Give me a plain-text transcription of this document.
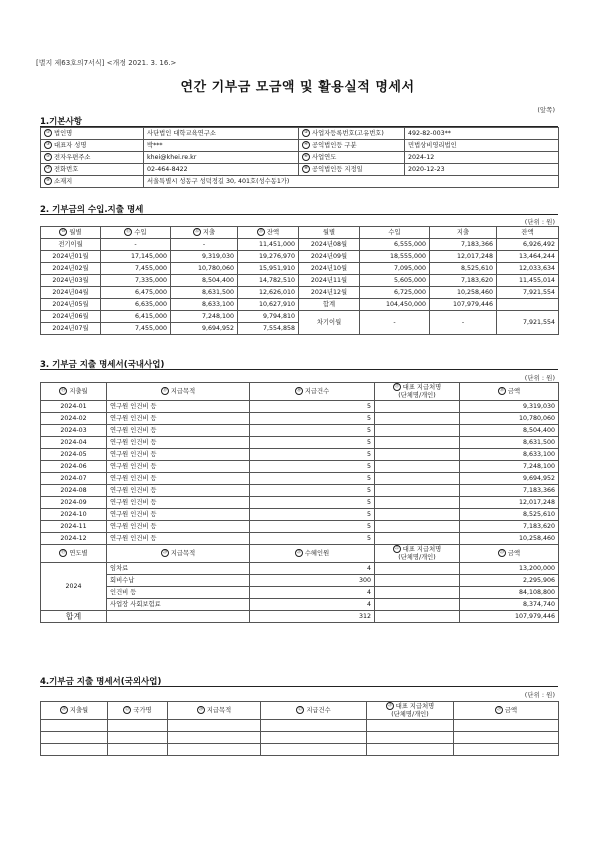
[별지 제63호의7서식] <개정 2021. 3. 16.>
연간 기부금 모금액 및 활용실적 명세서
(앞쪽)
1.기본사항
① 법인명	사단법인 대학교육연구소	② 사업자등록번호(고유번호)	492-82-003**
③ 대표자 성명	박***	④ 공익법인등 구분	민법상비영리법인
⑤ 전자우편주소	khei@khei.re.kr	⑥ 사업연도	2024-12
⑦ 전화번호	02-464-8422	⑧ 공익법인등 지정일	2020-12-23
⑨ 소재지	서울특별시 성동구 성덕정길 30, 401호(성수동1가)		
2. 기부금의 수입.지출 명세
(단위 : 원)
⑩ 월별	⑪ 수입	⑫ 지출	⑬ 잔액	월별	수입	지출	잔액
전기이월	-	-	11,451,000	2024년08월	6,555,000	7,183,366	6,926,492
2024년01월	17,145,000	9,319,030	19,276,970	2024년09월	18,555,000	12,017,248	13,464,244
2024년02월	7,455,000	10,780,060	15,951,910	2024년10월	7,095,000	8,525,610	12,033,634
2024년03월	7,335,000	8,504,400	14,782,510	2024년11월	5,605,000	7,183,620	11,455,014
2024년04월	6,475,000	8,631,500	12,626,010	2024년12월	6,725,000	10,258,460	7,921,554
2024년05월	6,635,000	8,633,100	10,627,910	합계	104,450,000	107,979,446	
2024년06월	6,415,000	7,248,100	9,794,810	차기이월	-	-	7,921,554
2024년07월	7,455,000	9,694,952	7,554,858				
3. 기부금 지출 명세서(국내사업)
(단위 : 원)
⑭ 지출월	⑮ 지급목적	⑯ 지급건수	⑰ 대표 지급처명
(단체명/개인)	⑱ 금액
2024-01	연구원 인건비 등	5		9,319,030
2024-02	연구원 인건비 등	5		10,780,060
2024-03	연구원 인건비 등	5		8,504,400
2024-04	연구원 인건비 등	5		8,631,500
2024-05	연구원 인건비 등	5		8,633,100
2024-06	연구원 인건비 등	5		7,248,100
2024-07	연구원 인건비 등	5		9,694,952
2024-08	연구원 인건비 등	5		7,183,366
2024-09	연구원 인건비 등	5		12,017,248
2024-10	연구원 인건비 등	5		8,525,610
2024-11	연구원 인건비 등	5		7,183,620
2024-12	연구원 인건비 등	5		10,258,460
⑲ 연도별	⑳ 지급목적	㉑ 수혜인원	㉒ 대표 지급처명
(단체명/개인)	㉓ 금액
2024	임차료	4		13,200,000
	회비수납	300		2,295,906
	인건비 등	4		84,108,800
	사업장 사회보험료	4		8,374,740
합계		312		107,979,446
4.기부금 지출 명세서(국외사업)
(단위 : 원)
㉔ 지출월	㉕ 국가명	㉖ 지급목적	㉗ 지급건수	㉘ 대표 지급처명
(단체명/개인)	㉙ 금액
